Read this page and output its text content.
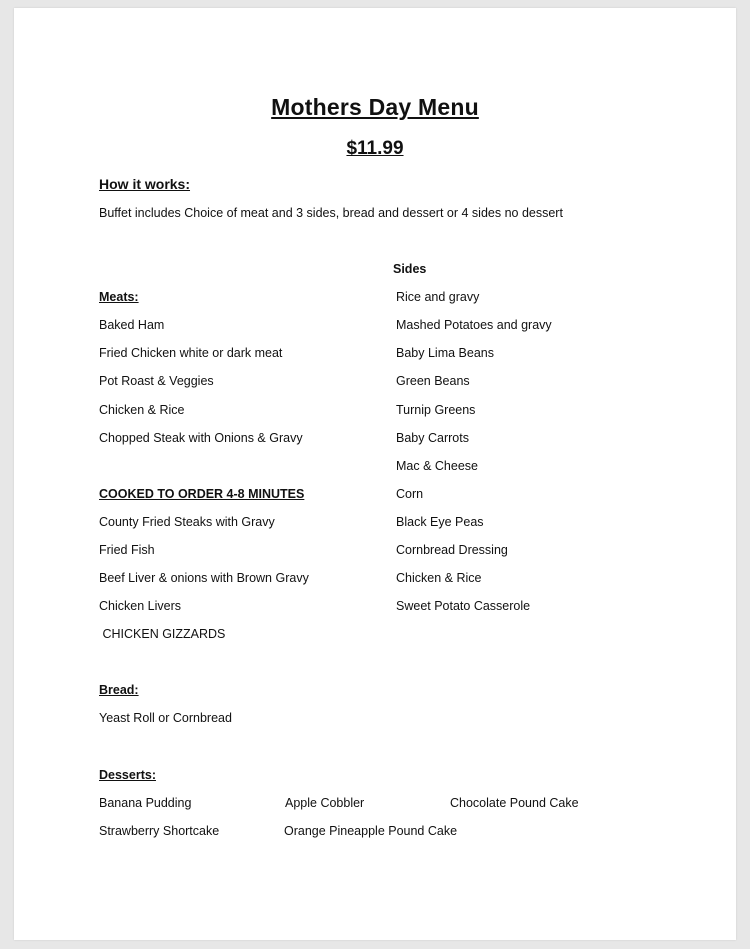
Mothers Day Menu
$11.99
How it works:
Buffet includes Choice of meat and 3 sides, bread and dessert or 4 sides no dessert
Meats:
Baked Ham
Fried Chicken white or dark meat
Pot Roast & Veggies
Chicken & Rice
Chopped Steak with Onions & Gravy
COOKED TO ORDER 4-8 MINUTES
County Fried Steaks with Gravy
Fried Fish
Beef Liver & onions with Brown Gravy
Chicken Livers
CHICKEN GIZZARDS
Sides
Rice and gravy
Mashed Potatoes and gravy
Baby Lima Beans
Green Beans
Turnip Greens
Baby Carrots
Mac & Cheese
Corn
Black Eye Peas
Cornbread Dressing
Chicken & Rice
Sweet Potato Casserole
Bread:
Yeast Roll or Cornbread
Desserts:
Banana Pudding	Apple Cobbler	Chocolate Pound Cake
Strawberry Shortcake	Orange Pineapple Pound Cake
